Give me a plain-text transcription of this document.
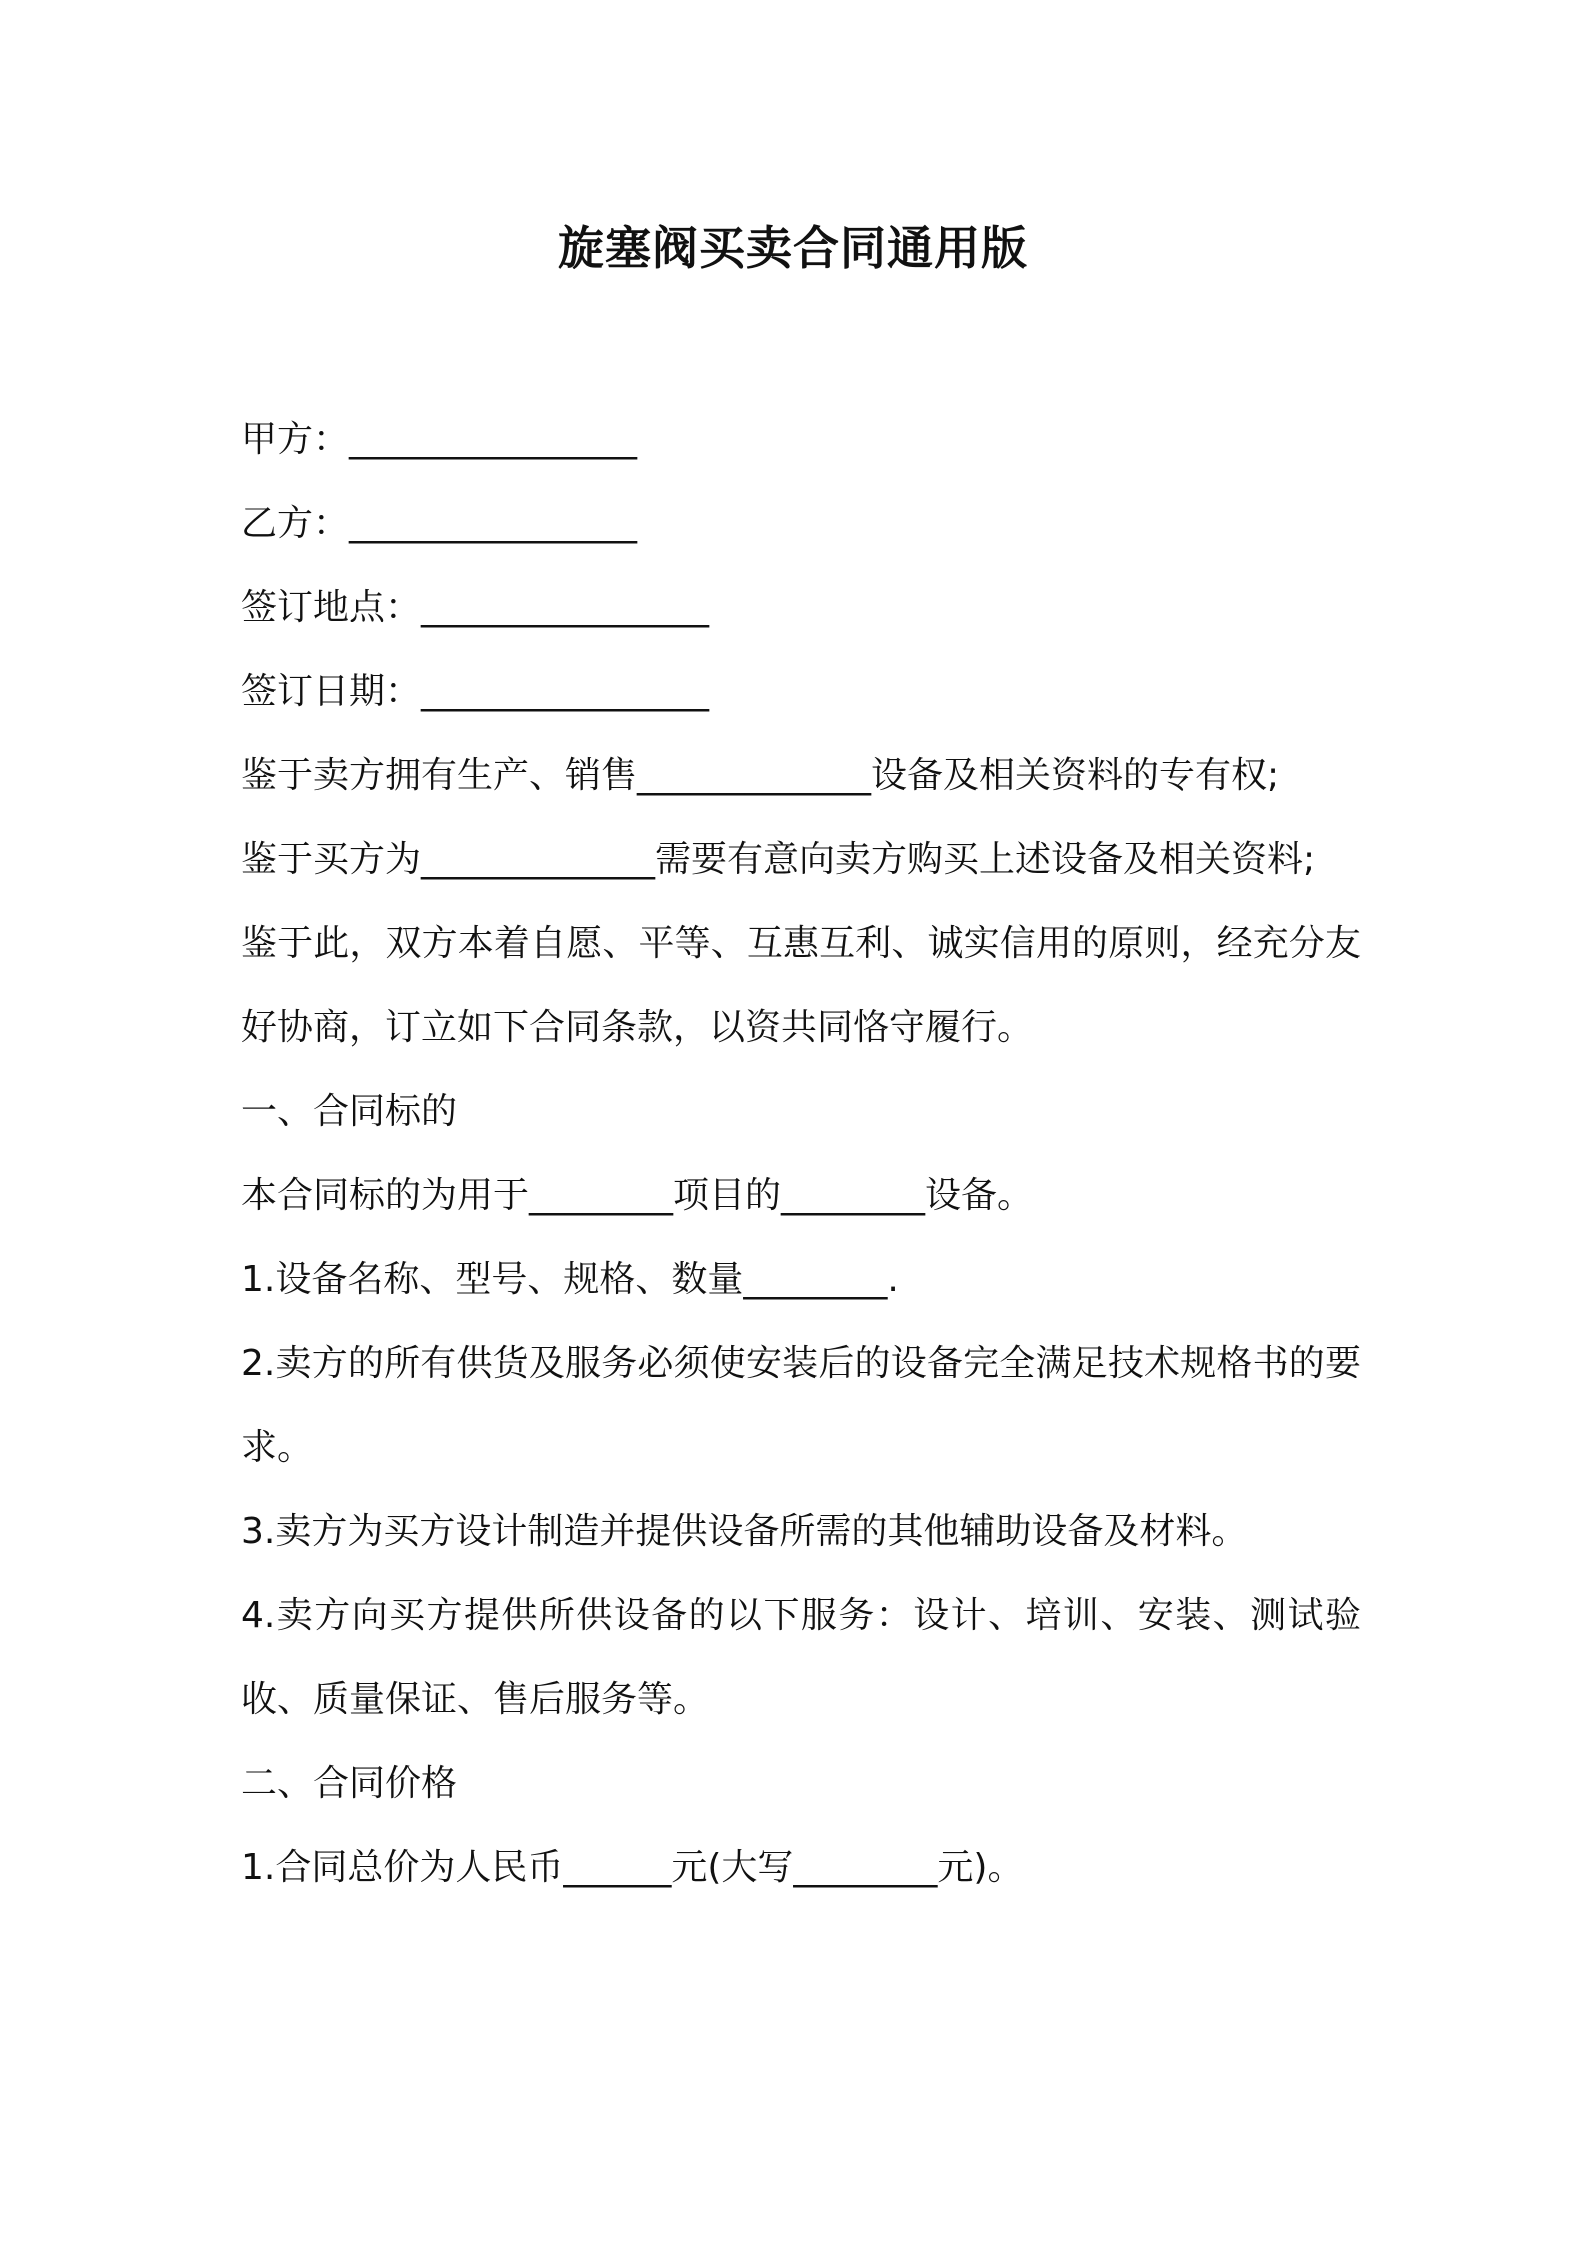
旋塞阀买卖合同通用版

甲方：________________

乙方：________________

签订地点：________________

签订日期：________________

鉴于卖方拥有生产、销售_____________设备及相关资料的专有权;

鉴于买方为_____________需要有意向卖方购买上述设备及相关资料;

鉴于此，双方本着自愿、平等、互惠互利、诚实信用的原则，经充分友好协商，订立如下合同条款，以资共同恪守履行。

一、合同标的

本合同标的为用于________项目的________设备。

1.设备名称、型号、规格、数量________.

2.卖方的所有供货及服务必须使安装后的设备完全满足技术规格书的要求。

3.卖方为买方设计制造并提供设备所需的其他辅助设备及材料。

4.卖方向买方提供所供设备的以下服务：设计、培训、安装、测试验收、质量保证、售后服务等。

二、合同价格

1.合同总价为人民币______元(大写________元)。
